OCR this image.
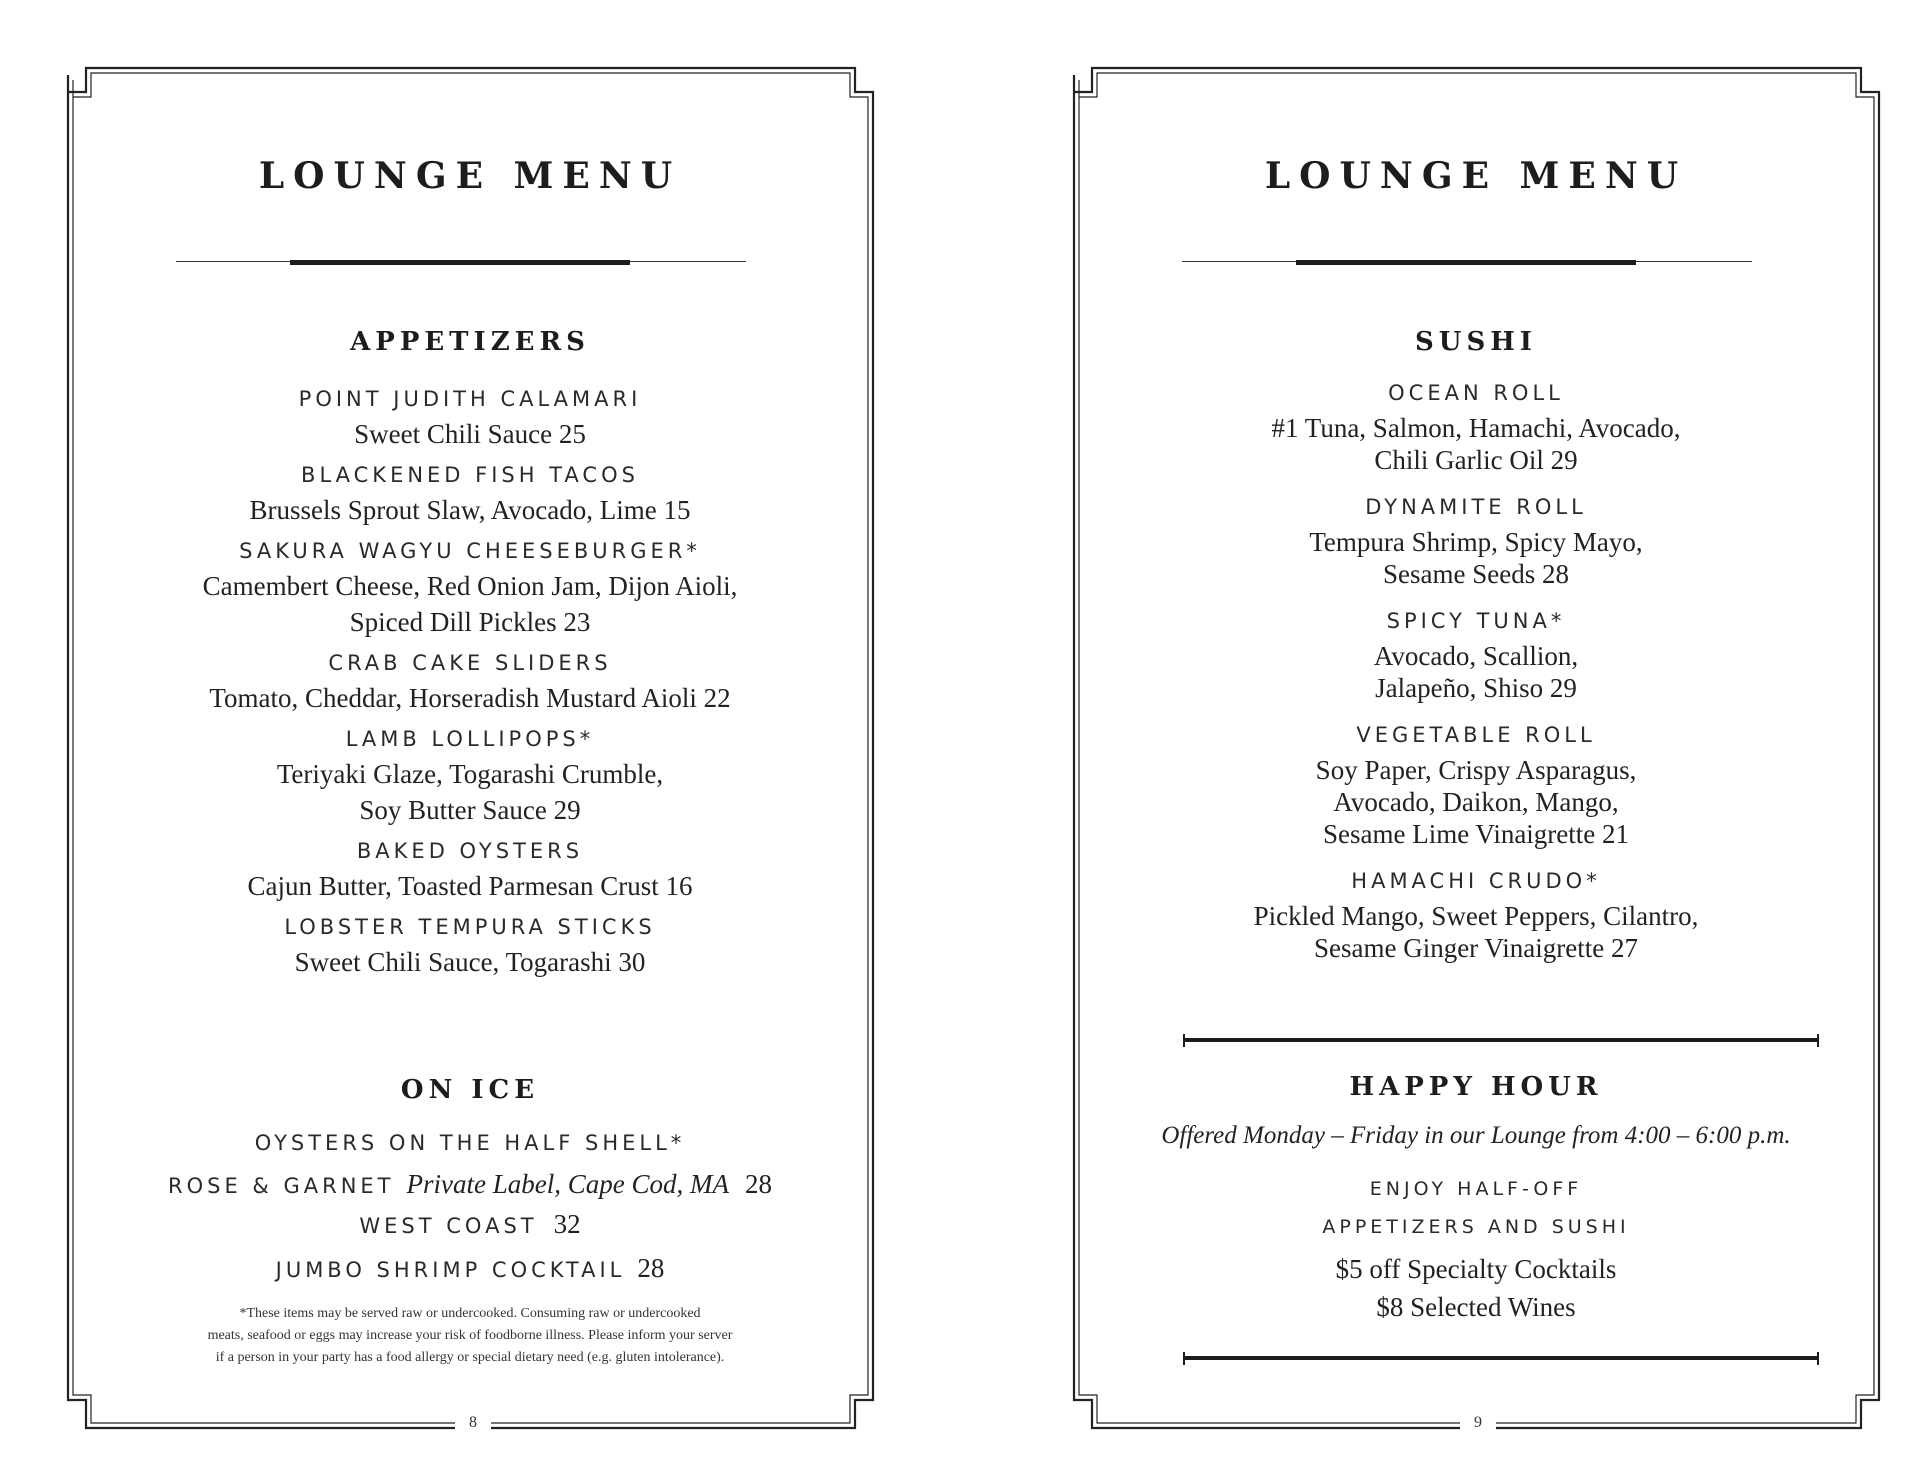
8
LOUNGE MENU
APPETIZERS
POINT JUDITH CALAMARI
Sweet Chili Sauce 25
BLACKENED FISH TACOS
Brussels Sprout Slaw, Avocado, Lime 15
SAKURA WAGYU CHEESEBURGER*
Camembert Cheese, Red Onion Jam, Dijon Aioli,
Spiced Dill Pickles 23
CRAB CAKE SLIDERS
Tomato, Cheddar, Horseradish Mustard Aioli 22
LAMB LOLLIPOPS*
Teriyaki Glaze, Togarashi Crumble,
Soy Butter Sauce 29
BAKED OYSTERS
Cajun Butter, Toasted Parmesan Crust 16
LOBSTER TEMPURA STICKS
Sweet Chili Sauce, Togarashi 30
ON ICE
OYSTERS ON THE HALF SHELL*
ROSE & GARNET Private Label, Cape Cod, MA 28
WEST COAST 32
JUMBO SHRIMP COCKTAIL 28
*These items may be served raw or undercooked. Consuming raw or undercooked
meats, seafood or eggs may increase your risk of foodborne illness. Please inform your server
if a person in your party has a food allergy or special dietary need (e.g. gluten intolerance).
9
LOUNGE MENU
SUSHI
OCEAN ROLL
#1 Tuna, Salmon, Hamachi, Avocado,
Chili Garlic Oil 29
DYNAMITE ROLL
Tempura Shrimp, Spicy Mayo,
Sesame Seeds 28
SPICY TUNA*
Avocado, Scallion,
Jalapeño, Shiso 29
VEGETABLE ROLL
Soy Paper, Crispy Asparagus,
Avocado, Daikon, Mango,
Sesame Lime Vinaigrette 21
HAMACHI CRUDO*
Pickled Mango, Sweet Peppers, Cilantro,
Sesame Ginger Vinaigrette 27
HAPPY HOUR
Offered Monday – Friday in our Lounge from 4:00 – 6:00 p.m.
ENJOY HALF-OFF
APPETIZERS AND SUSHI
$5 off Specialty Cocktails
$8 Selected Wines
